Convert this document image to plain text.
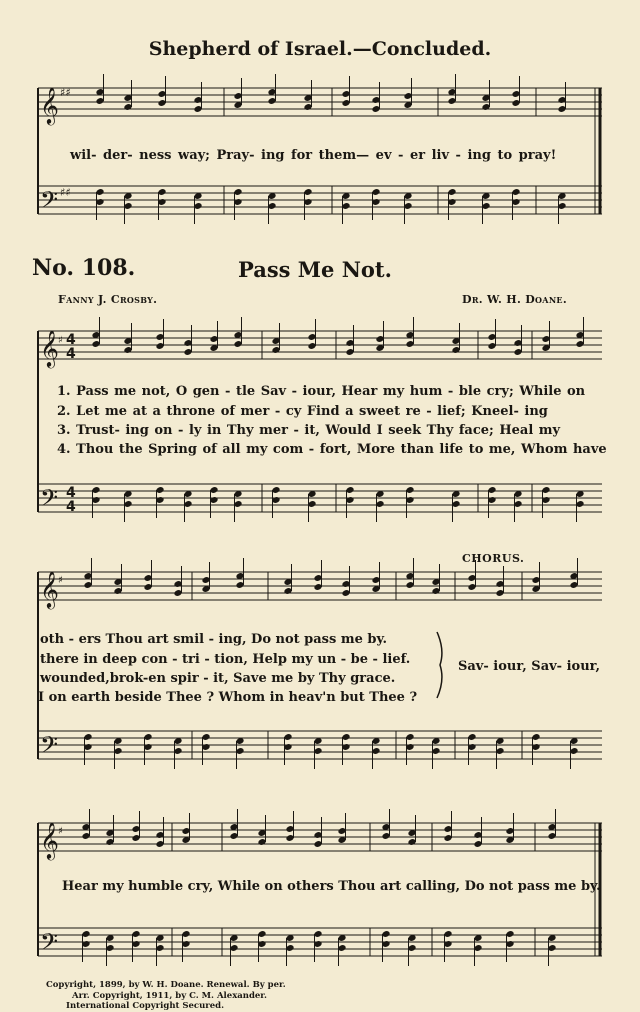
𝄞
𝄢
𝄞
𝄢
𝄞
𝄢
𝄞
𝄢
♯♯
♯♯
♯
♯
♯
4
4
4
4
Shepherd of Israel.—Concluded.
wil- der- ness way; Pray- ing for them— ev - er liv - ing to pray!
No. 108.	Pass Me Not.
Fanny J. Crosby.	Dr. W. H. Doane.
1. Pass me not, O gen - tle Sav - iour, Hear my hum - ble cry; While on
2. Let me at a throne of mer - cy Find a sweet re - lief; Kneel- ing
3. Trust- ing on - ly in Thy mer - it, Would I seek Thy face; Heal my
4. Thou the Spring of all my com - fort, More than life to me, Whom have
CHORUS.
oth - ers Thou art smil - ing, Do not pass me by.
there in deep con - tri - tion, Help my un - be - lief.
wounded,brok-en spir - it, Save me by Thy grace.
I on earth beside Thee ? Whom in heav'n but Thee ?
Sav- iour, Sav- iour,
Hear my humble cry, While on others Thou art calling, Do not pass me by.
Copyright, 1899, by W. H. Doane. Renewal. By per.
Arr. Copyright, 1911, by C. M. Alexander.
International Copyright Secured.
